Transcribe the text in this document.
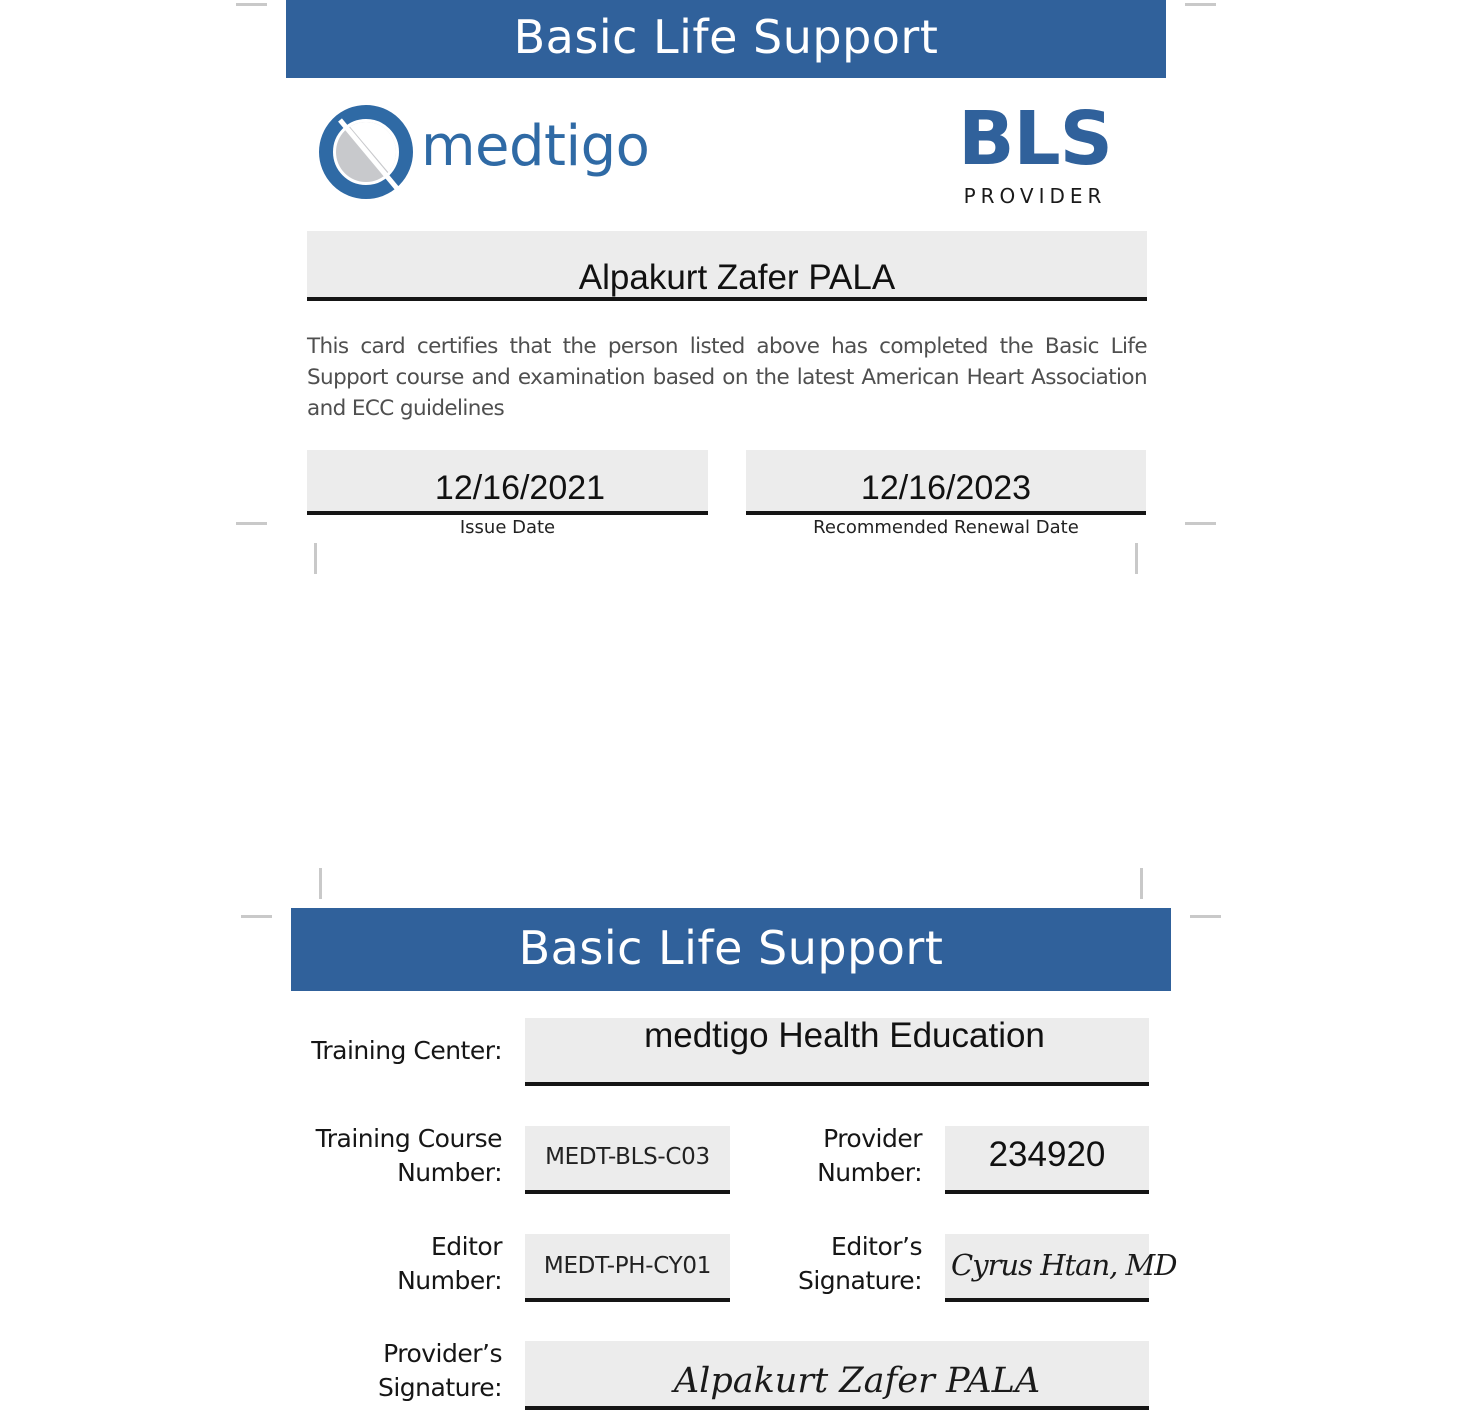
Basic Life Support
medtigo	BLS
PROVIDER
Alpakurt Zafer PALA
This card certifies that the person listed above has completed the Basic Life Support course and examination based on the latest American Heart Association and ECC guidelines
12/16/2021
Issue Date
12/16/2023
Recommended Renewal Date
Basic Life Support
Training Center:	medtigo Health Education
Training Course
Number:
MEDT-BLS-C03
Provider
Number:	234920
Editor
Number:	MEDT-PH-CY01
Editor’s
Signature: Cyrus Htan, MD
Provider’s
Signature:	Alpakurt Zafer PALA
